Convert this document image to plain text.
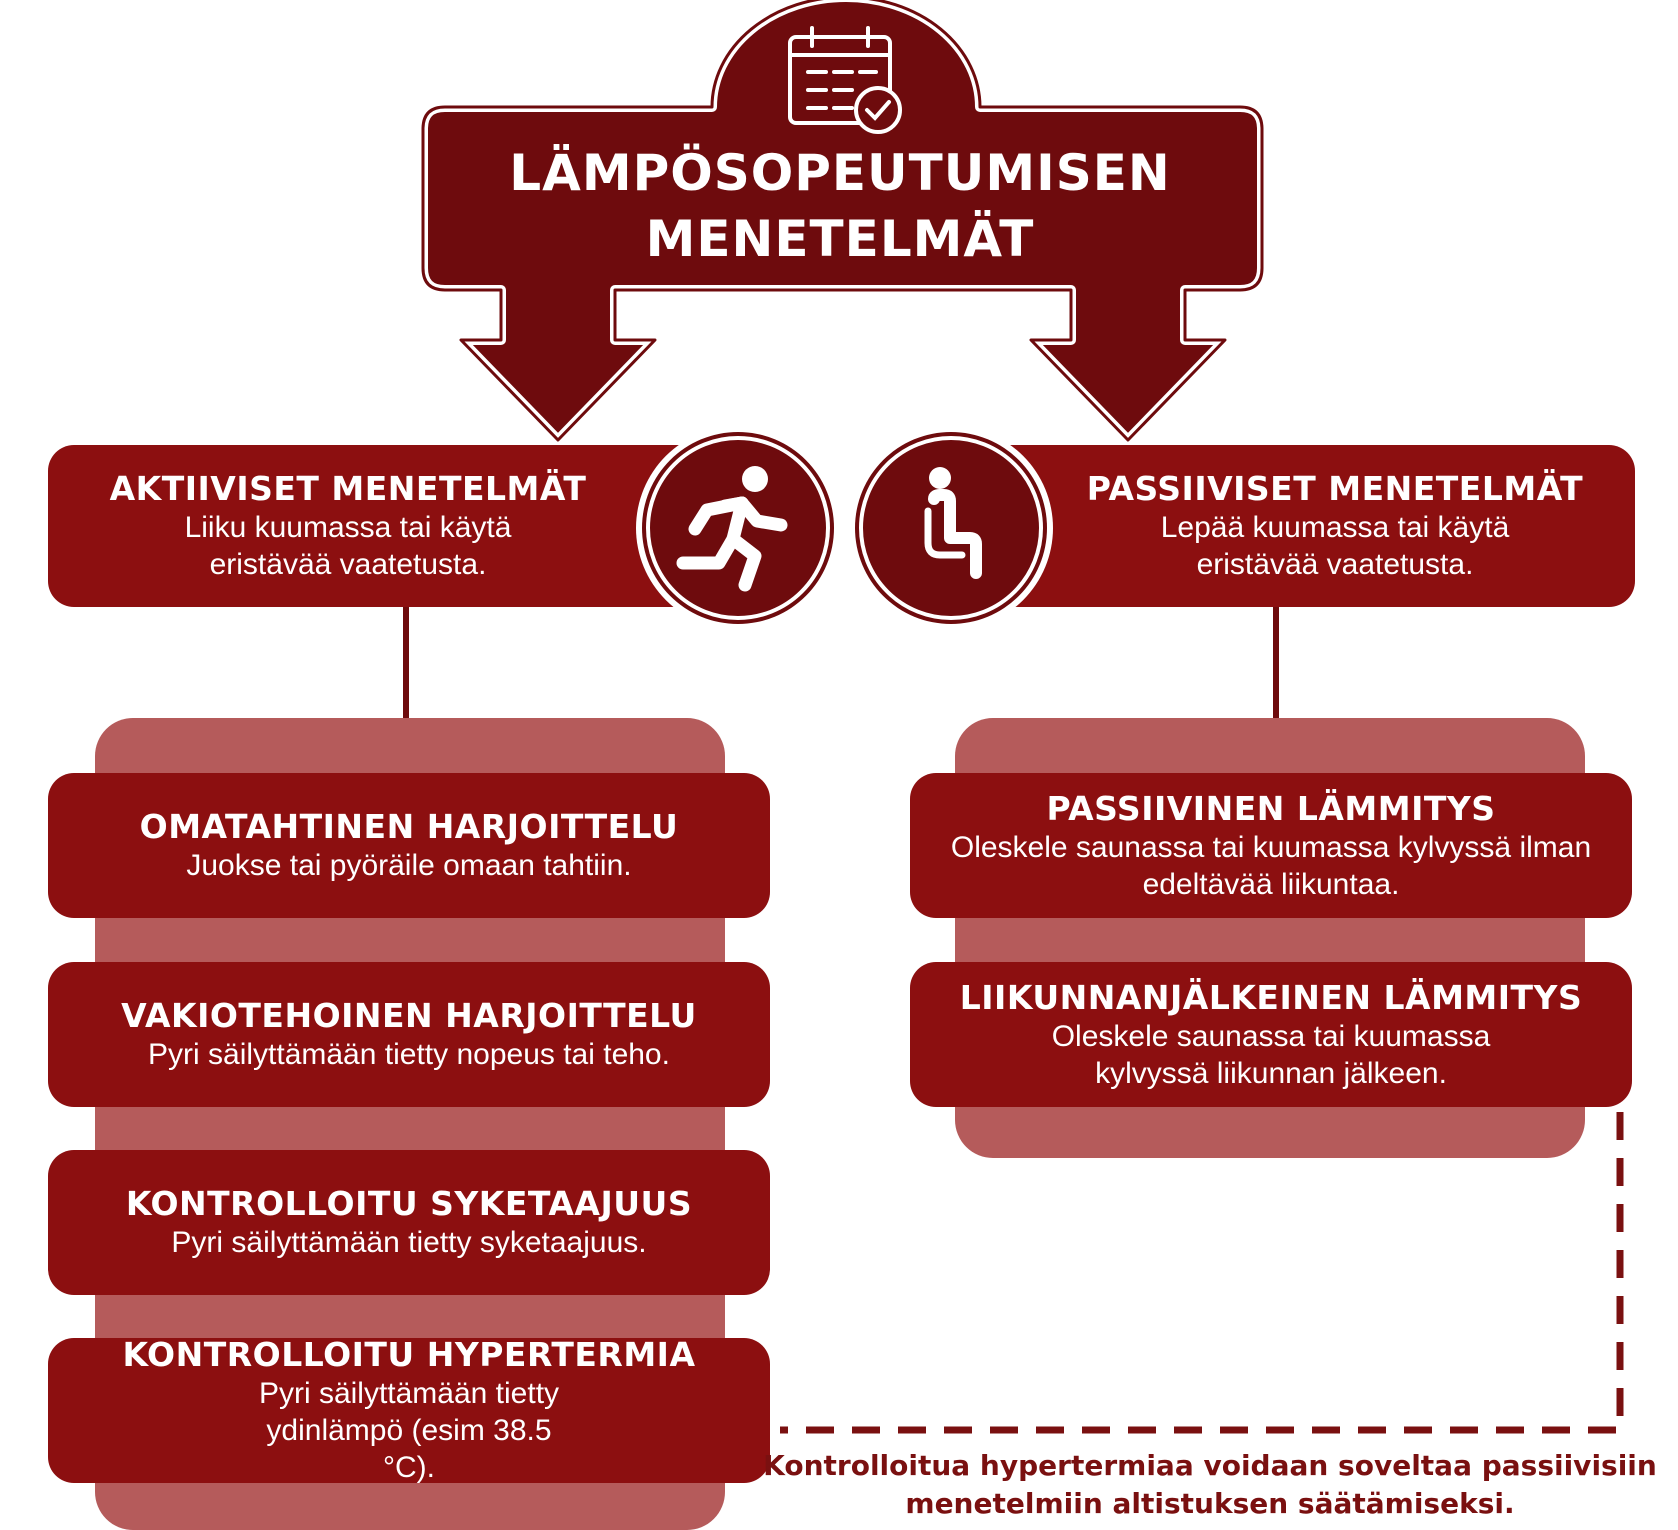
LÄMPÖSOPEUTUMISEN MENETELMÄT
AKTIIVISET MENETELMÄT
Liiku kuumassa tai käytä eristävää vaatetusta.
PASSIIVISET MENETELMÄT
Lepää kuumassa tai käytä eristävää vaatetusta.
OMATAHTINEN HARJOITTELU
Juokse tai pyöräile omaan tahtiin.
VAKIOTEHOINEN HARJOITTELU
Pyri säilyttämään tietty nopeus tai teho.
KONTROLLOITU SYKETAAJUUS
Pyri säilyttämään tietty syketaajuus.
KONTROLLOITU HYPERTERMIA
Pyri säilyttämään tietty ydinlämpö (esim 38.5 °C).
PASSIIVINEN LÄMMITYS
Oleskele saunassa tai kuumassa kylvyssä ilman edeltävää liikuntaa.
LIIKUNNANJÄLKEINEN LÄMMITYS
Oleskele saunassa tai kuumassa kylvyssä liikunnan jälkeen.
Kontrolloitua hypertermiaa voidaan soveltaa passiivisiin menetelmiin altistuksen säätämiseksi.
